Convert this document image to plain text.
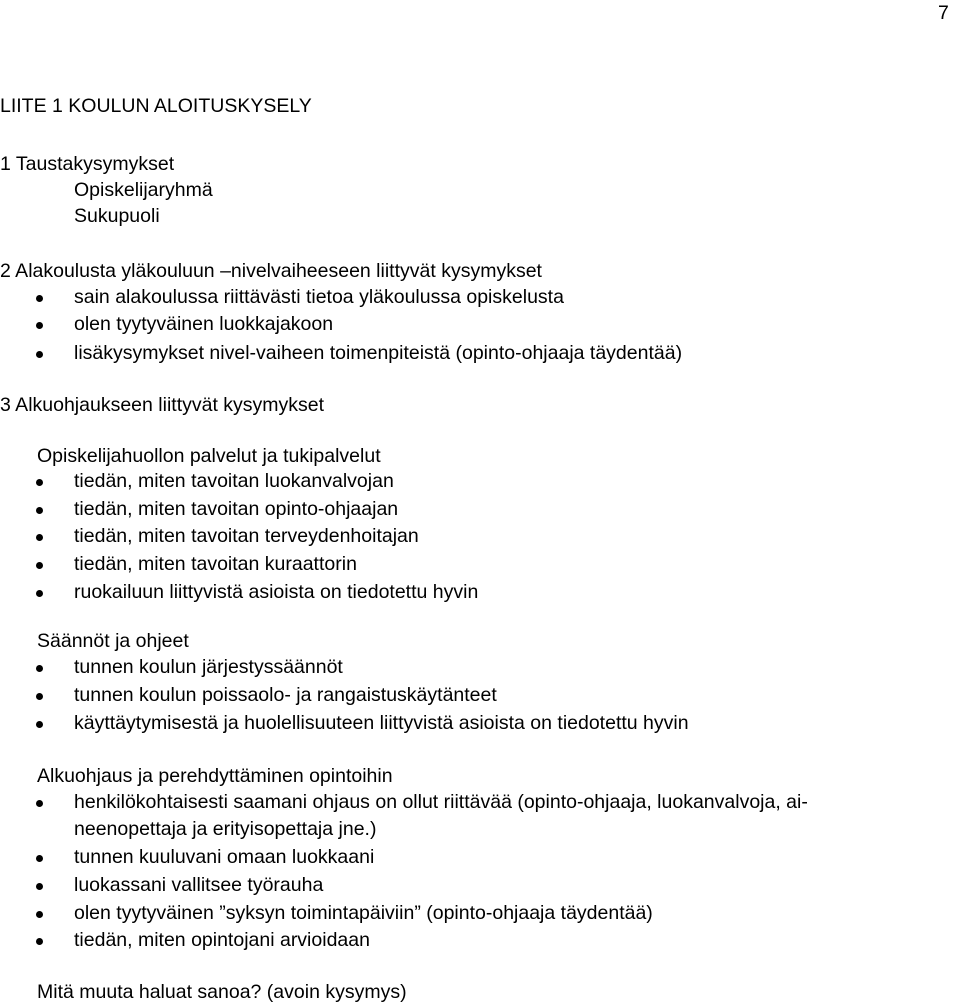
7
LIITE 1 KOULUN ALOITUSKYSELY
1 Taustakysymykset
Opiskelijaryhmä
Sukupuoli
2 Alakoulusta yläkouluun –nivelvaiheeseen liittyvät kysymykset
sain alakoulussa riittävästi tietoa yläkoulussa opiskelusta
olen tyytyväinen luokkajakoon
lisäkysymykset nivel-vaiheen toimenpiteistä (opinto-ohjaaja täydentää)
3 Alkuohjaukseen liittyvät kysymykset
Opiskelijahuollon palvelut ja tukipalvelut
tiedän, miten tavoitan luokanvalvojan
tiedän, miten tavoitan opinto-ohjaajan
tiedän, miten tavoitan terveydenhoitajan
tiedän, miten tavoitan kuraattorin
ruokailuun liittyvistä asioista on tiedotettu hyvin
Säännöt ja ohjeet
tunnen koulun järjestyssäännöt
tunnen koulun poissaolo- ja rangaistuskäytänteet
käyttäytymisestä ja huolellisuuteen liittyvistä asioista on tiedotettu hyvin
Alkuohjaus ja perehdyttäminen opintoihin
henkilökohtaisesti saamani ohjaus on ollut riittävää (opinto-ohjaaja, luokanvalvoja, ai-
neenopettaja ja erityisopettaja jne.)
tunnen kuuluvani omaan luokkaani
luokassani vallitsee työrauha
olen tyytyväinen ”syksyn toimintapäiviin” (opinto-ohjaaja täydentää)
tiedän, miten opintojani arvioidaan
Mitä muuta haluat sanoa? (avoin kysymys)
